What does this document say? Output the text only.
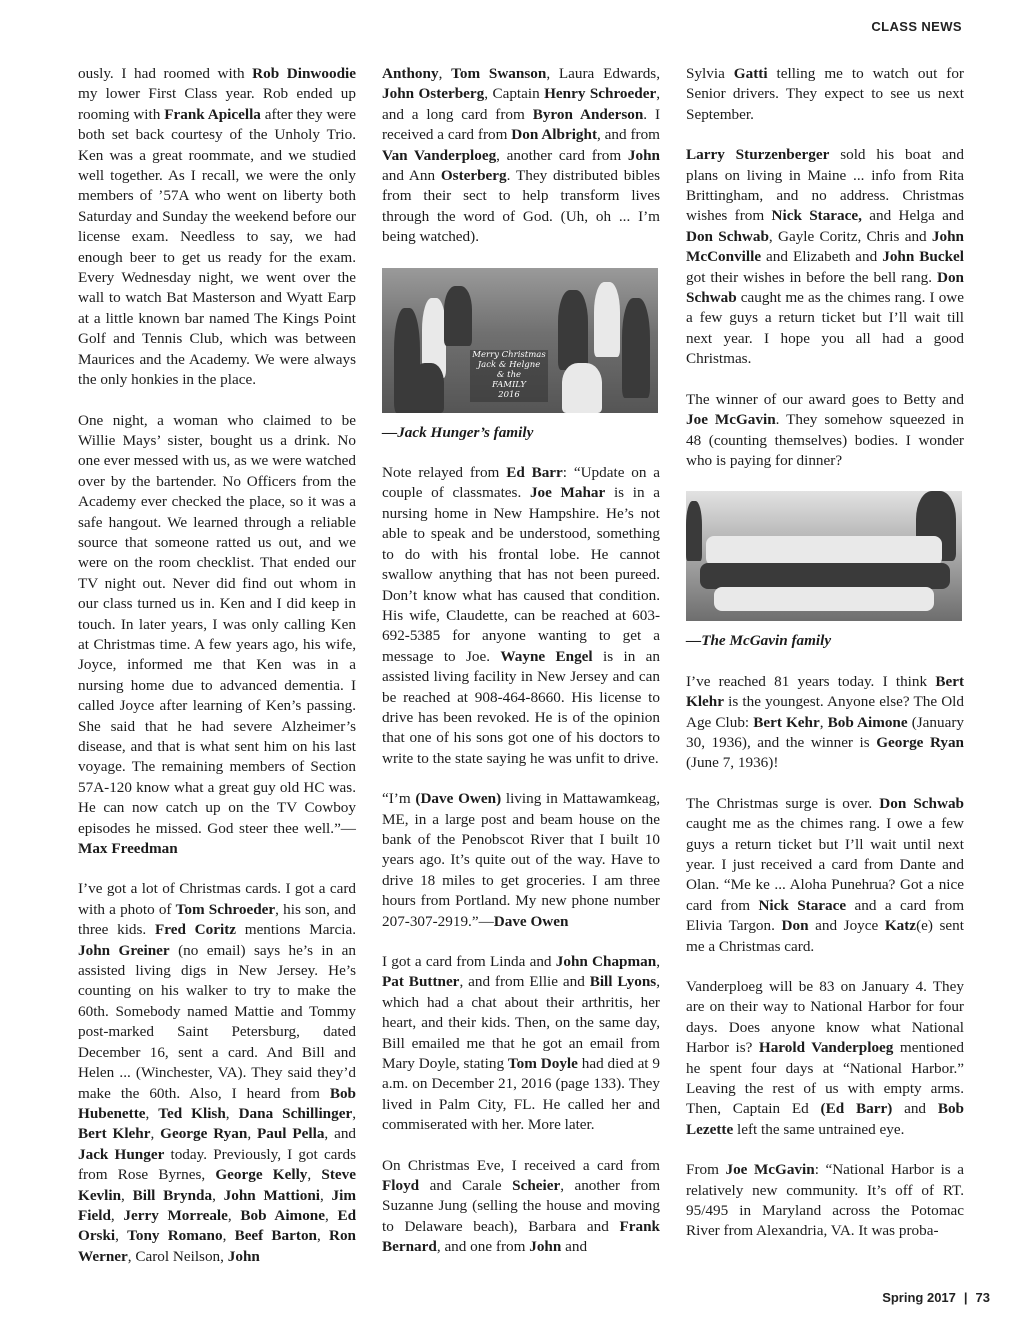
CLASS NEWS

ously. I had roomed with Rob Dinwoodie my lower First Class year. Rob ended up rooming with Frank Apicella after they were both set back courtesy of the Unholy Trio. Ken was a great roommate, and we studied well together. As I recall, we were the only members of ’57A who went on liberty both Saturday and Sunday the weekend before our license exam. Needless to say, we had enough beer to get us ready for the exam. Every Wednesday night, we went over the wall to watch Bat Masterson and Wyatt Earp at a little known bar named The Kings Point Golf and Tennis Club, which was between Maurices and the Academy. We were always the only honkies in the place.

One night, a woman who claimed to be Willie Mays’ sister, bought us a drink. No one ever messed with us, as we were watched over by the bartender. No Officers from the Academy ever checked the place, so it was a safe hangout. We learned through a reliable source that someone ratted us out, and we were on the room checklist. That ended our TV night out. Never did find out whom in our class turned us in. Ken and I did keep in touch. In later years, I was only calling Ken at Christmas time. A few years ago, his wife, Joyce, informed me that Ken was in a nursing home due to advanced dementia. I called Joyce after learning of Ken’s passing. She said that he had severe Alzheimer’s disease, and that is what sent him on his last voyage. The remaining members of Section 57A-120 know what a great guy old HC was. He can now catch up on the TV Cowboy episodes he missed. God steer thee well.”—Max Freedman

I’ve got a lot of Christmas cards. I got a card with a photo of Tom Schroeder, his son, and three kids. Fred Coritz mentions Marcia. John Greiner (no email) says he’s in an assisted living digs in New Jersey. He’s counting on his walker to try to make the 60th. Somebody named Mattie and Tommy post-marked Saint Petersburg, dated December 16, sent a card. And Bill and Helen ... (Winchester, VA). They said they’d make the 60th. Also, I heard from Bob Hubenette, Ted Klish, Dana Schillinger, Bert Klehr, George Ryan, Paul Pella, and Jack Hunger today. Previously, I got cards from Rose Byrnes, George Kelly, Steve Kevlin, Bill Brynda, John Mattioni, Jim Field, Jerry Morreale, Bob Aimone, Ed Orski, Tony Romano, Beef Barton, Ron Werner, Carol Neilson, John

Anthony, Tom Swanson, Laura Edwards, John Osterberg, Captain Henry Schroeder, and a long card from Byron Anderson. I received a card from Don Albright, and from Van Vanderploeg, another card from John and Ann Osterberg. They distributed bibles from their sect to help transform lives through the word of God. (Uh, oh ... I’m being watched).

Merry Christmas
Jack & Helgne
& the
FAMILY
2016
—Jack Hunger’s family

Note relayed from Ed Barr: “Update on a couple of classmates. Joe Mahar is in a nursing home in New Hampshire. He’s not able to speak and be understood, something to do with his frontal lobe. He cannot swallow anything that has not been pureed. Don’t know what has caused that condition. His wife, Claudette, can be reached at 603-692-5385 for anyone wanting to get a message to Joe. Wayne Engel is in an assisted living facility in New Jersey and can be reached at 908-464-8660. His license to drive has been revoked. He is of the opinion that one of his sons got one of his doctors to write to the state saying he was unfit to drive.

“I’m (Dave Owen) living in Mattawamkeag, ME, in a large post and beam house on the bank of the Penobscot River that I built 10 years ago. It’s quite out of the way. Have to drive 18 miles to get groceries. I am three hours from Portland. My new phone number 207-307-2919.”—Dave Owen

I got a card from Linda and John Chapman, Pat Buttner, and from Ellie and Bill Lyons, which had a chat about their arthritis, her heart, and their kids. Then, on the same day, Bill emailed me that he got an email from Mary Doyle, stating Tom Doyle had died at 9 a.m. on December 21, 2016 (page 133). They lived in Palm City, FL. He called her and commiserated with her. More later.

On Christmas Eve, I received a card from Floyd and Carale Scheier, another from Suzanne Jung (selling the house and moving to Delaware beach), Barbara and Frank Bernard, and one from John and

Sylvia Gatti telling me to watch out for Senior drivers. They expect to see us next September.

Larry Sturzenberger sold his boat and plans on living in Maine ... info from Rita Brittingham, and no address. Christmas wishes from Nick Starace, and Helga and Don Schwab, Gayle Coritz, Chris and John McConville and Elizabeth and John Buckel got their wishes in before the bell rang. Don Schwab caught me as the chimes rang. I owe a few guys a return ticket but I’ll wait till next year. I hope you all had a good Christmas.

The winner of our award goes to Betty and Joe McGavin. They somehow squeezed in 48 (counting themselves) bodies. I wonder who is paying for dinner?

—The McGavin family

I’ve reached 81 years today. I think Bert Klehr is the youngest. Anyone else? The Old Age Club: Bert Kehr, Bob Aimone (January 30, 1936), and the winner is George Ryan (June 7, 1936)!

The Christmas surge is over. Don Schwab caught me as the chimes rang. I owe a few guys a return ticket but I’ll wait until next year. I just received a card from Dante and Olan. “Me ke ... Aloha Punehrua? Got a nice card from Nick Starace and a card from Elivia Targon. Don and Joyce Katz(e) sent me a Christmas card.

Vanderploeg will be 83 on January 4. They are on their way to National Harbor for four days. Does anyone know what National Harbor is? Harold Vanderploeg mentioned he spent four days at “National Harbor.” Leaving the rest of us with empty arms. Then, Captain Ed (Ed Barr) and Bob Lezette left the same untrained eye.

From Joe McGavin: “National Harbor is a relatively new community. It’s off of RT. 95/495 in Maryland across the Potomac River from Alexandria, VA. It was proba-

Spring 2017 | 73
